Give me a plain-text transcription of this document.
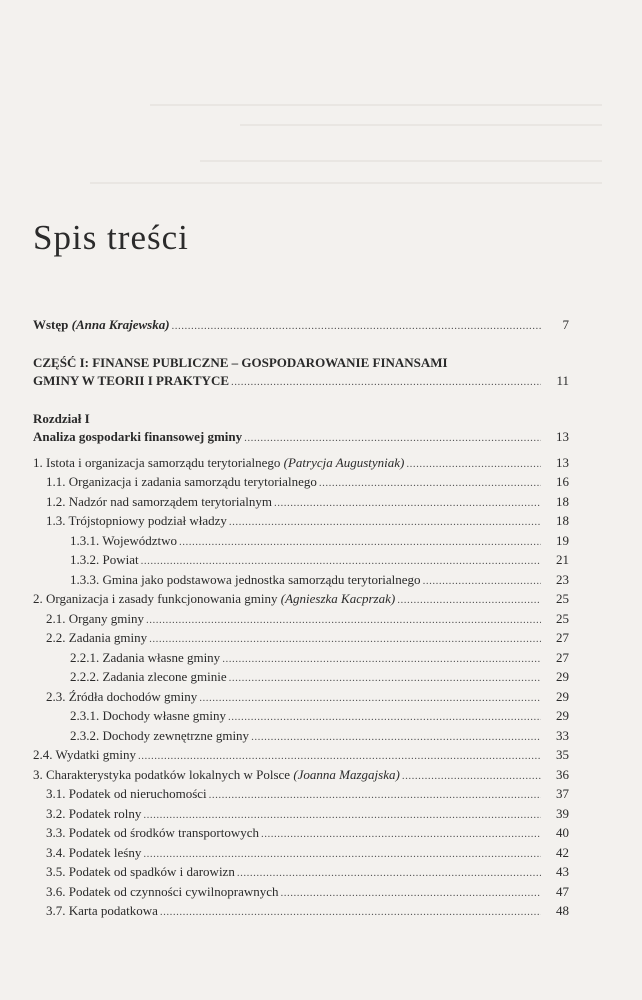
Spis treści
Wstęp (Anna Krajewska) .....	7
CZĘŚĆ I: FINANSE PUBLICZNE – GOSPODAROWANIE FINANSAMI
GMINY W TEORII I PRAKTYCE .....	11
Rozdział I
Analiza gospodarki finansowej gminy .....	13
1. Istota i organizacja samorządu terytorialnego (Patrycja Augustyniak) .....	13
1.1. Organizacja i zadania samorządu terytorialnego .....	16
1.2. Nadzór nad samorządem terytorialnym .....	18
1.3. Trójstopniowy podział władzy .....	18
1.3.1. Województwo .....	19
1.3.2. Powiat .....	21
1.3.3. Gmina jako podstawowa jednostka samorządu terytorialnego .....	23
2. Organizacja i zasady funkcjonowania gminy (Agnieszka Kacprzak) .....	25
2.1. Organy gminy .....	25
2.2. Zadania gminy .....	27
2.2.1. Zadania własne gminy .....	27
2.2.2. Zadania zlecone gminie .....	29
2.3. Źródła dochodów gminy .....	29
2.3.1. Dochody własne gminy .....	29
2.3.2. Dochody zewnętrzne gminy .....	33
2.4. Wydatki gminy .....	35
3. Charakterystyka podatków lokalnych w Polsce (Joanna Mazgajska) .....	36
3.1. Podatek od nieruchomości .....	37
3.2. Podatek rolny .....	39
3.3. Podatek od środków transportowych .....	40
3.4. Podatek leśny .....	42
3.5. Podatek od spadków i darowizn .....	43
3.6. Podatek od czynności cywilnoprawnych .....	47
3.7. Karta podatkowa .....	48
